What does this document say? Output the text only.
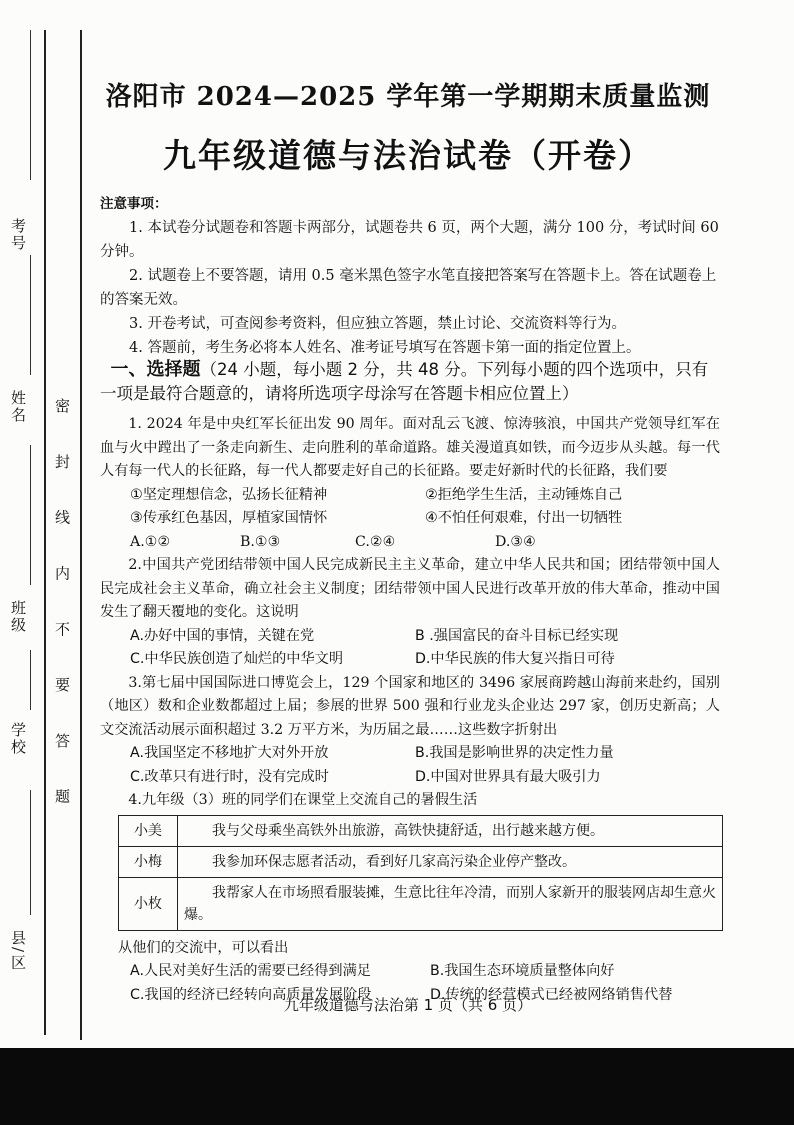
考号
姓名
班级
学校
县/区
密 封 线 内 不 要 答 题
洛阳市 2024—2025 学年第一学期期末质量监测
九年级道德与法治试卷（开卷）
注意事项：

1. 本试卷分试题卷和答题卡两部分，试题卷共 6 页，两个大题，满分 100 分，考试时间 60 分钟。

2. 试题卷上不要答题，请用 0.5 毫米黑色签字水笔直接把答案写在答题卡上。答在试题卷上的答案无效。

3. 开卷考试，可查阅参考资料，但应独立答题，禁止讨论、交流资料等行为。

4. 答题前，考生务必将本人姓名、准考证号填写在答题卡第一面的指定位置上。

一、选择题（24 小题，每小题 2 分，共 48 分。下列每小题的四个选项中，只有一项是最符合题意的，请将所选项字母涂写在答题卡相应位置上）

1. 2024 年是中央红军长征出发 90 周年。面对乱云飞渡、惊涛骇浪，中国共产党领导红军在血与火中蹚出了一条走向新生、走向胜利的革命道路。雄关漫道真如铁，而今迈步从头越。每一代人有每一代人的长征路，每一代人都要走好自己的长征路。要走好新时代的长征路，我们要

①坚定理想信念，弘扬长征精神	②拒绝学生生活，主动锤炼自己
③传承红色基因，厚植家国情怀	④不怕任何艰难，付出一切牺牲
A.①②	B.①③	C.②④	D.③④

2.中国共产党团结带领中国人民完成新民主主义革命，建立中华人民共和国；团结带领中国人民完成社会主义革命，确立社会主义制度；团结带领中国人民进行改革开放的伟大革命，推动中国发生了翻天覆地的变化。这说明

A.办好中国的事情，关键在党	B .强国富民的奋斗目标已经实现
C.中华民族创造了灿烂的中华文明	D.中华民族的伟大复兴指日可待

3.第七届中国国际进口博览会上，129 个国家和地区的 3496 家展商跨越山海前来赴约，国别（地区）数和企业数都超过上届；参展的世界 500 强和行业龙头企业达 297 家，创历史新高；人文交流活动展示面积超过 3.2 万平方米，为历届之最……这些数字折射出

A.我国坚定不移地扩大对外开放	B.我国是影响世界的决定性力量
C.改革只有进行时，没有完成时	D.中国对世界具有最大吸引力

4.九年级（3）班的同学们在课堂上交流自己的暑假生活

小美	我与父母乘坐高铁外出旅游，高铁快捷舒适，出行越来越方便。
小梅	我参加环保志愿者活动，看到好几家高污染企业停产整改。
小枚	我帮家人在市场照看服装摊，生意比往年冷清，而别人家新开的服装网店却生意火爆。
从他们的交流中，可以看出
A.人民对美好生活的需要已经得到满足	B.我国生态环境质量整体向好
C.我国的经济已经转向高质量发展阶段	D.传统的经营模式已经被网络销售代替
九年级道德与法治第 1 页（共 6 页）
